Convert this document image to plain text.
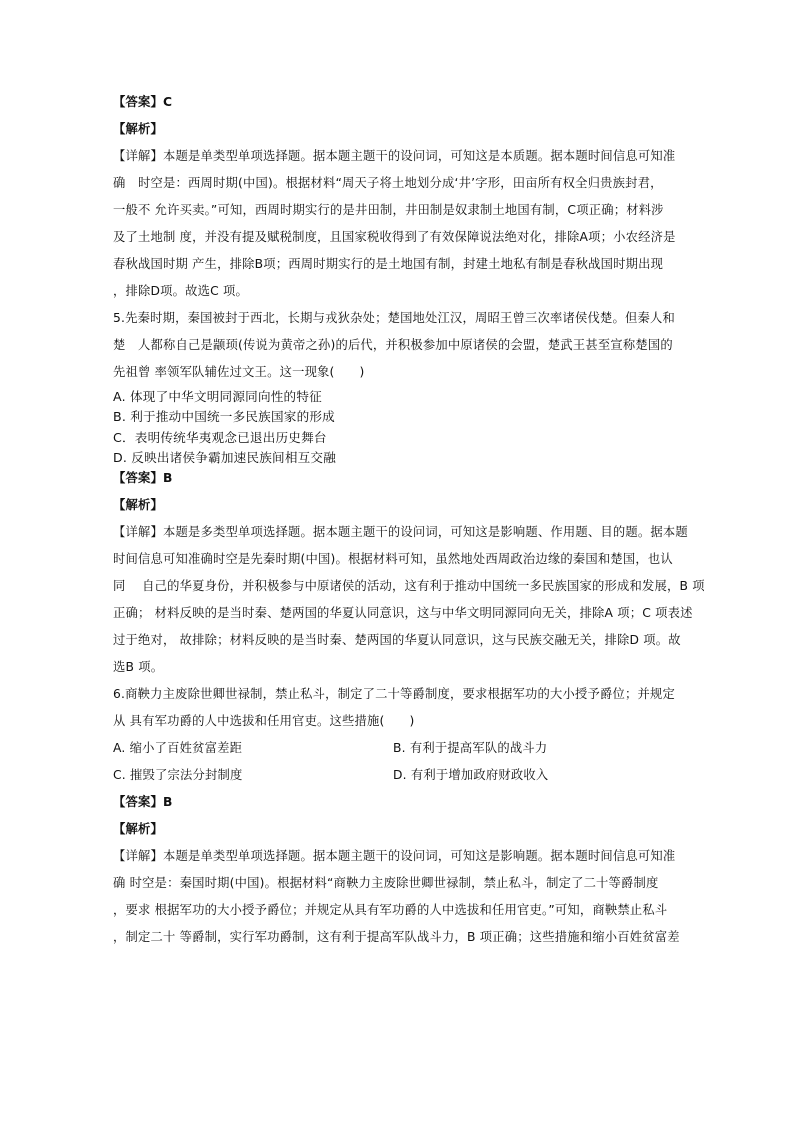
【答案】C
【解析】
【详解】本题是单类型单项选择题。据本题主题干的设问词，可知这是本质题。据本题时间信息可知准
确　时空是：西周时期(中国)。根据材料“周天子将土地划分成‘井’字形，田亩所有权全归贵族封君，
一般不 允许买卖。”可知，西周时期实行的是井田制，井田制是奴隶制土地国有制，C项正确；材料涉
及了土地制 度，并没有提及赋税制度，且国家税收得到了有效保障说法绝对化，排除A项；小农经济是
春秋战国时期 产生，排除B项；西周时期实行的是土地国有制，封建土地私有制是春秋战国时期出现
，排除D项。故选C 项。
5.先秦时期，秦国被封于西北，长期与戎狄杂处；楚国地处江汉，周昭王曾三次率诸侯伐楚。但秦人和
楚　人都称自己是颛顼(传说为黄帝之孙)的后代，并积极参加中原诸侯的会盟，楚武王甚至宣称楚国的
先祖曾 率领军队辅佐过文王。这一现象(　　)
A. 体现了中华文明同源同向性的特征
B. 利于推动中国统一多民族国家的形成
C．表明传统华夷观念已退出历史舞台
D. 反映出诸侯争霸加速民族间相互交融
【答案】B
【解析】
【详解】本题是多类型单项选择题。据本题主题干的设问词，可知这是影响题、作用题、目的题。据本题
时间信息可知准确时空是先秦时期(中国)。根据材料可知，虽然地处西周政治边缘的秦国和楚国，也认
同　 自己的华夏身份，并积极参与中原诸侯的活动，这有利于推动中国统一多民族国家的形成和发展，B 项
正确； 材料反映的是当时秦、楚两国的华夏认同意识，这与中华文明同源同向无关，排除A 项；C 项表述
过于绝对， 故排除；材料反映的是当时秦、楚两国的华夏认同意识，这与民族交融无关，排除D 项。故
选B 项。
6.商鞅力主废除世卿世禄制，禁止私斗，制定了二十等爵制度，要求根据军功的大小授予爵位；并规定
从 具有军功爵的人中选拔和任用官吏。这些措施(　　)
A. 缩小了百姓贫富差距	B. 有利于提高军队的战斗力
C. 摧毁了宗法分封制度	D. 有利于增加政府财政收入
【答案】B
【解析】
【详解】本题是单类型单项选择题。据本题主题干的设问词，可知这是影响题。据本题时间信息可知准
确 时空是：秦国时期(中国)。根据材料“商鞅力主废除世卿世禄制，禁止私斗，制定了二十等爵制度
，要求 根据军功的大小授予爵位；并规定从具有军功爵的人中选拔和任用官吏。”可知，商鞅禁止私斗
，制定二十 等爵制，实行军功爵制，这有利于提高军队战斗力，B 项正确；这些措施和缩小百姓贫富差
